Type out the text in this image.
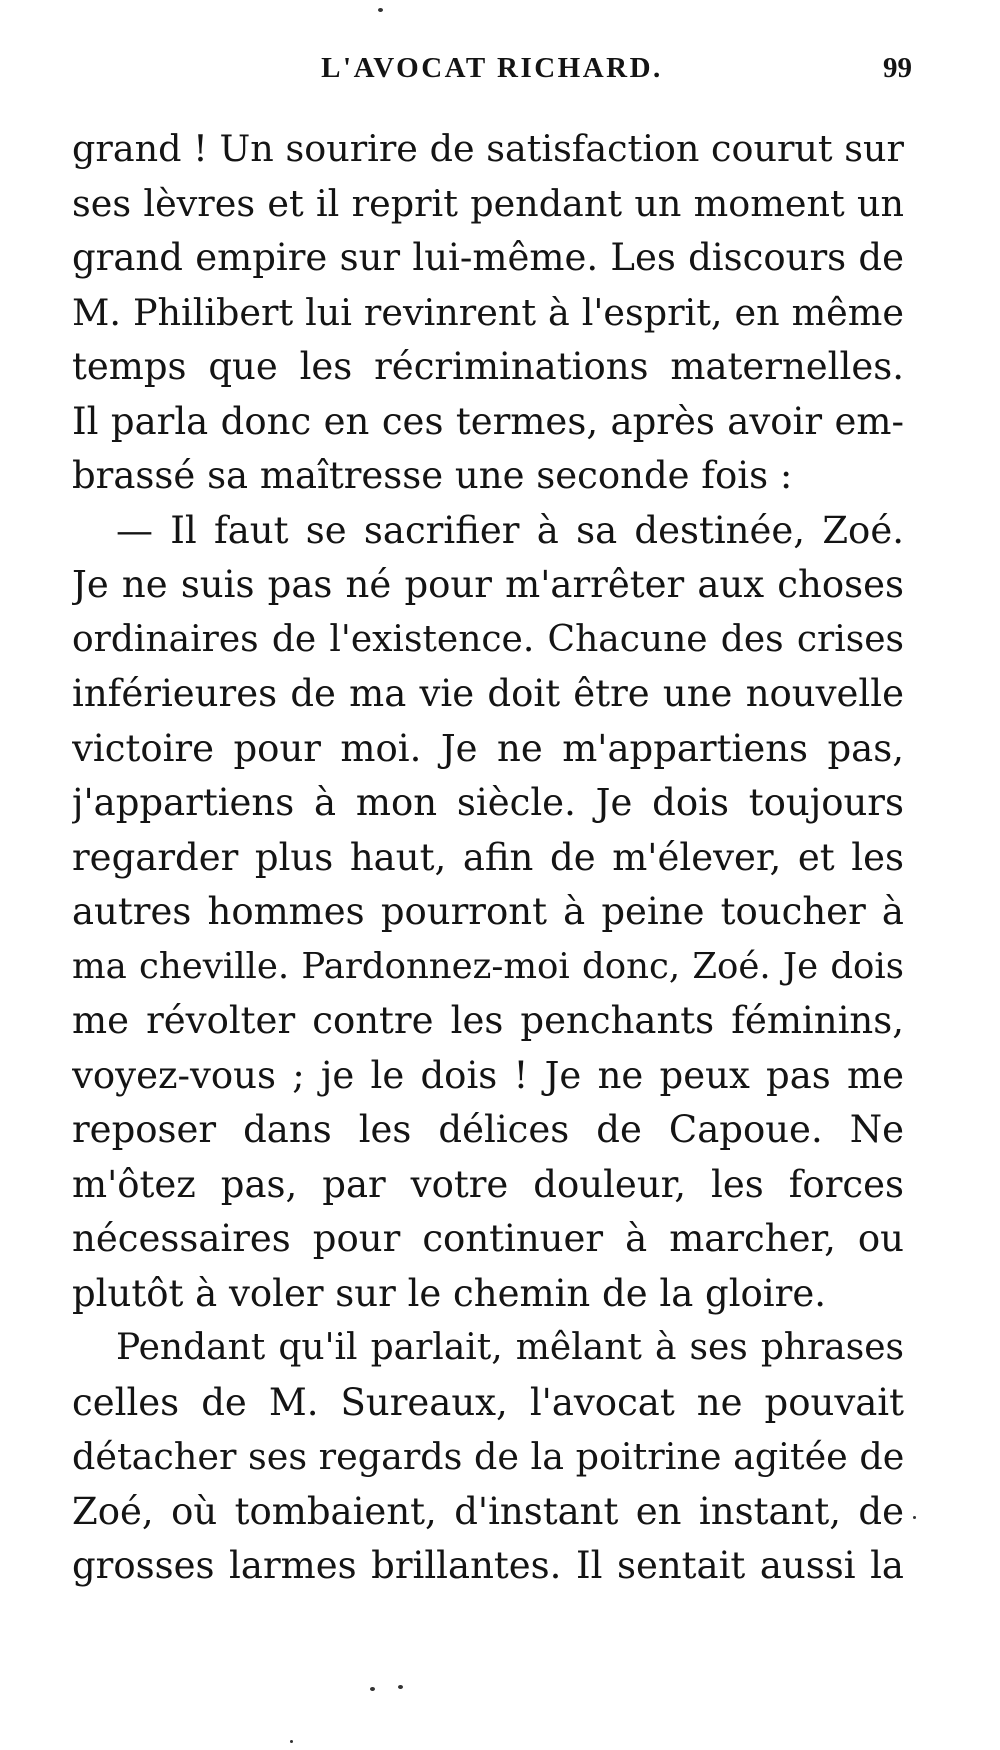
L'AVOCAT RICHARD.	99
grand ! Un sourire de satisfaction courut sur
ses lèvres et il reprit pendant un moment un
grand empire sur lui-même. Les discours de
M. Philibert lui revinrent à l'esprit, en même
temps que les récriminations maternelles.
Il parla donc en ces termes, après avoir em-
brassé sa maîtresse une seconde fois :
— Il faut se sacrifier à sa destinée, Zoé.
Je ne suis pas né pour m'arrêter aux choses
ordinaires de l'existence. Chacune des crises
inférieures de ma vie doit être une nouvelle
victoire pour moi. Je ne m'appartiens pas,
j'appartiens à mon siècle. Je dois toujours
regarder plus haut, afin de m'élever, et les
autres hommes pourront à peine toucher à
ma cheville. Pardonnez-moi donc, Zoé. Je dois
me révolter contre les penchants féminins,
voyez-vous ; je le dois ! Je ne peux pas me
reposer dans les délices de Capoue. Ne
m'ôtez pas, par votre douleur, les forces
nécessaires pour continuer à marcher, ou
plutôt à voler sur le chemin de la gloire.
Pendant qu'il parlait, mêlant à ses phrases
celles de M. Sureaux, l'avocat ne pouvait
détacher ses regards de la poitrine agitée de
Zoé, où tombaient, d'instant en instant, de
grosses larmes brillantes. Il sentait aussi la
